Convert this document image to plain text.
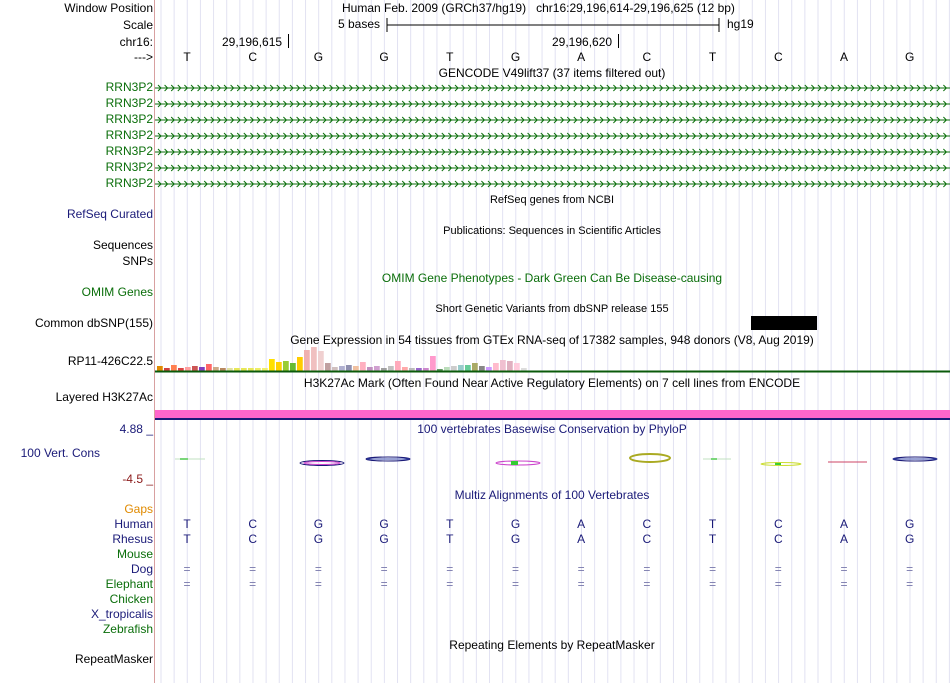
Window Position	Human Feb. 2009 (GRCh37/hg19)   chr16:29,196,614-29,196,625 (12 bp)
Scale	5 bases	hg19
chr16:	29,196,615	29,196,620
--->	T	C	G	G	T	G	A	C	T	C	A	G
GENCODE V49lift37 (37 items filtered out)
RRN3P2
RRN3P2
RRN3P2
RRN3P2
RRN3P2
RRN3P2
RRN3P2
RefSeq Curated
RefSeq genes from NCBI
Sequences
Publications: Sequences in Scientific Articles
SNPs
OMIM Gene Phenotypes - Dark Green Can Be Disease-causing
OMIM Genes
Short Genetic Variants from dbSNP release 155
Common dbSNP(155)
Gene Expression in 54 tissues from GTEx RNA-seq of 17382 samples, 948 donors (V8, Aug 2019)
RP11-426C22.5
H3K27Ac Mark (Often Found Near Active Regulatory Elements) on 7 cell lines from ENCODE
Layered H3K27Ac
4.88 _	100 vertebrates Basewise Conservation by PhyloP
100 Vert. Cons
-4.5 _
Multiz Alignments of 100 Vertebrates
Gaps
Human	T	C	G	G	T	G	A	C	T	C	A	G
Rhesus	T	C	G	G	T	G	A	C	T	C	A	G
Mouse
Dog	=	=	=	=	=	=	=	=	=	=	=	=
Elephant	=	=	=	=	=	=	=	=	=	=	=	=
Chicken
X_tropicalis
Zebrafish
Repeating Elements by RepeatMasker
RepeatMasker
